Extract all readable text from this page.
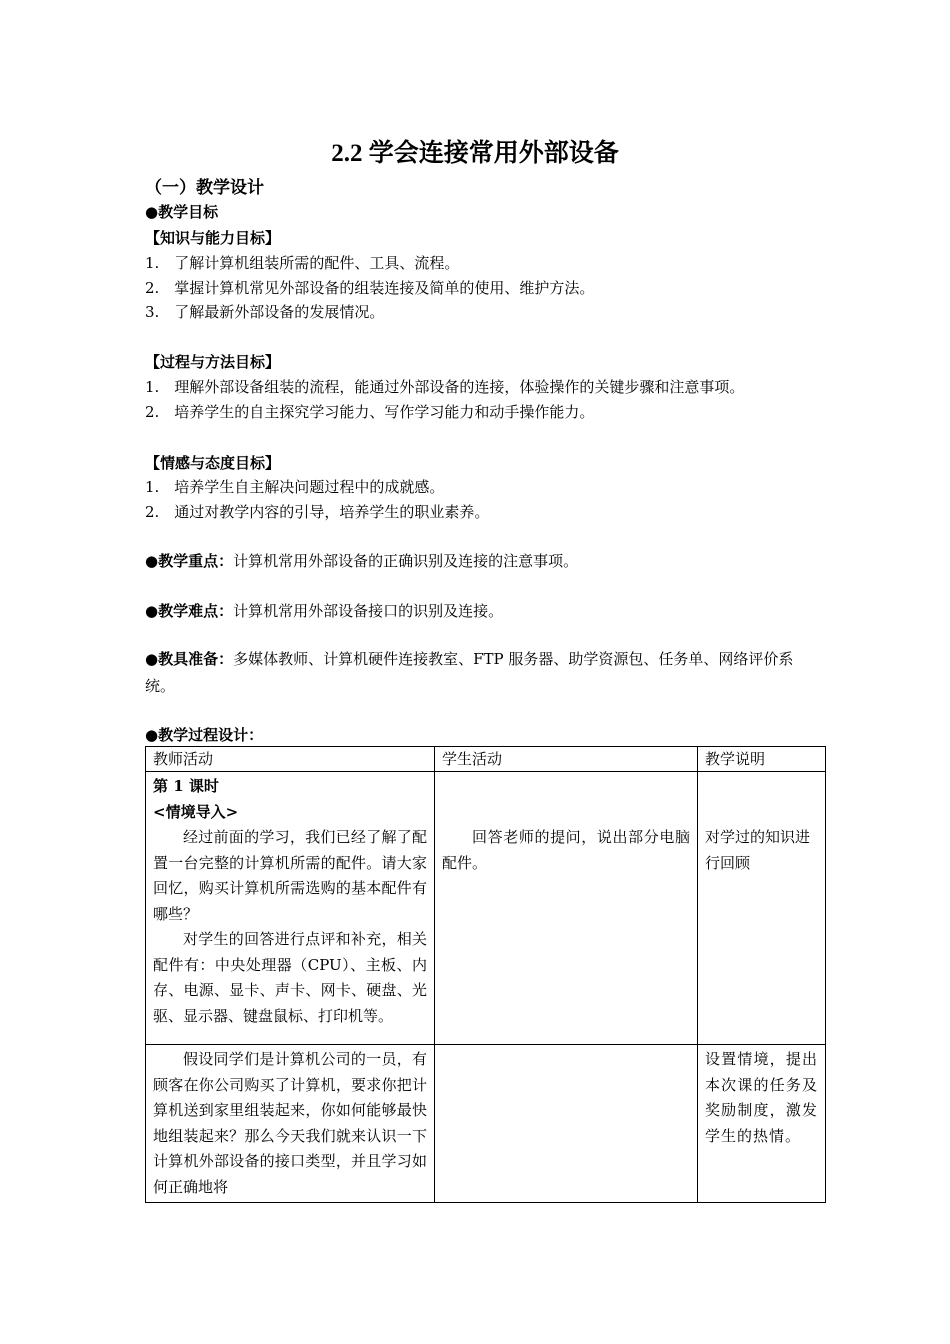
2.2 学会连接常用外部设备
（一）教学设计
●教学目标
【知识与能力目标】
1.　了解计算机组装所需的配件、工具、流程。
2.　掌握计算机常见外部设备的组装连接及简单的使用、维护方法。
3.　了解最新外部设备的发展情况。
【过程与方法目标】
1.　理解外部设备组装的流程，能通过外部设备的连接，体验操作的关键步骤和注意事项。
2.　培养学生的自主探究学习能力、写作学习能力和动手操作能力。
【情感与态度目标】
1.　培养学生自主解决问题过程中的成就感。
2.　通过对教学内容的引导，培养学生的职业素养。
●教学重点：计算机常用外部设备的正确识别及连接的注意事项。
●教学难点：计算机常用外部设备接口的识别及连接。
●教具准备：多媒体教师、计算机硬件连接教室、FTP 服务器、助学资源包、任务单、网络评价系统。
●教学过程设计：
教师活动	学生活动	教学说明

第 1 课时
<情境导入>
经过前面的学习，我们已经了解了配置一台完整的计算机所需的配件。请大家回忆，购买计算机所需选购的基本配件有哪些？
对学生的回答进行点评和补充，相关配件有：中央处理器（CPU）、主板、内存、电源、显卡、声卡、网卡、硬盘、光驱、显示器、键盘鼠标、打印机等。	回答老师的提问，说出部分电脑配件。	对学过的知识进行回顾

假设同学们是计算机公司的一员，有顾客在你公司购买了计算机，要求你把计算机送到家里组装起来，你如何能够最快地组装起来？那么今天我们就来认识一下计算机外部设备的接口类型，并且学习如何正确地将		设置情境，提出本次课的任务及奖励制度，激发学生的热情。
